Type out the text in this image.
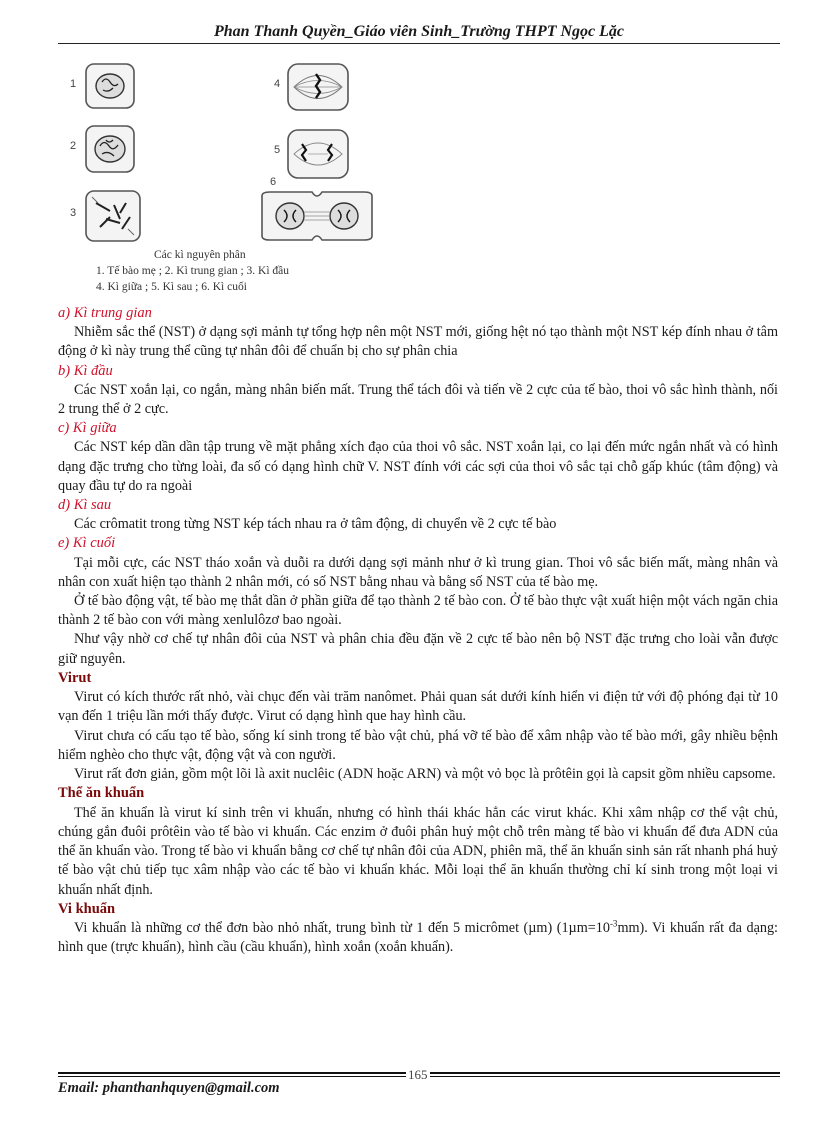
Phan Thanh Quyền_Giáo viên Sinh_Trường THPT Ngọc Lặc
1
2
3
4
5
6
Các kì nguyên phân
1. Tế bào mẹ ; 2. Kì trung gian ; 3. Kì đầu
4. Kì giữa ; 5. Kì sau ; 6. Kì cuối
a) Kì trung gian

Nhiễm sắc thể (NST) ở dạng sợi mảnh tự tổng hợp nên một NST mới, giống hệt nó tạo thành một NST kép đính nhau ở tâm động ở kì này trung thể cũng tự nhân đôi để chuẩn bị cho sự phân chia

b) Kì đầu

Các NST xoắn lại, co ngắn, màng nhân biến mất. Trung thể tách đôi và tiến về 2 cực của tế bào, thoi vô sắc hình thành, nối 2 trung thể ở 2 cực.

c) Kì giữa

Các NST kép dần dần tập trung về mặt phẳng xích đạo của thoi vô sắc. NST xoắn lại, co lại đến mức ngắn nhất và có hình dạng đặc trưng cho từng loài, đa số có dạng hình chữ V. NST đính với các sợi của thoi vô sắc tại chỗ gấp khúc (tâm động) và quay đầu tự do ra ngoài

d) Kì sau

Các crômatit trong từng NST kép tách nhau ra ở tâm động, di chuyển về 2 cực tế bào

e) Kì cuối

Tại mỗi cực, các NST tháo xoắn và duỗi ra dưới dạng sợi mảnh như ở kì trung gian. Thoi vô sắc biến mất, màng nhân và nhân con xuất hiện tạo thành 2 nhân mới, có số NST bằng nhau và bằng số NST của tế bào mẹ.

Ở tế bào động vật, tế bào mẹ thắt dần ở phần giữa để tạo thành 2 tế bào con. Ở tế bào thực vật xuất hiện một vách ngăn chia thành 2 tế bào con với màng xenlulôzơ bao ngoài.

Như vậy nhờ cơ chế tự nhân đôi của NST và phân chia đều đặn về 2 cực tế bào nên bộ NST đặc trưng cho loài vẫn được giữ nguyên.

Virut

Virut có kích thước rất nhỏ, vài chục đến vài trăm nanômet. Phải quan sát dưới kính hiển vi điện tử với độ phóng đại từ 10 vạn đến 1 triệu lần mới thấy được. Virut có dạng hình que hay hình cầu.

Virut chưa có cấu tạo tế bào, sống kí sinh trong tế bào vật chủ, phá vỡ tế bào để xâm nhập vào tế bào mới, gây nhiều bệnh hiểm nghèo cho thực vật, động vật và con người.

Virut rất đơn giản, gồm một lõi là axit nuclêic (ADN hoặc ARN) và một vỏ bọc là prôtêin gọi là capsit gồm nhiều capsome.

Thể ăn khuẩn

Thể ăn khuẩn là virut kí sinh trên vi khuẩn, nhưng có hình thái khác hẳn các virut khác. Khi xâm nhập cơ thể vật chủ, chúng gắn đuôi prôtêin vào tế bào vi khuẩn. Các enzim ở đuôi phân huỷ một chỗ trên màng tế bào vi khuẩn để đưa ADN của thể ăn khuẩn vào. Trong tế bào vi khuẩn bằng cơ chế tự nhân đôi của ADN, phiên mã, thể ăn khuẩn sinh sản rất nhanh phá huỷ tế bào vật chủ tiếp tục xâm nhập vào các tế bào vi khuẩn khác. Mỗi loại thể ăn khuẩn thường chỉ kí sinh trong một loại vi khuẩn nhất định.

Vi khuẩn

Vi khuẩn là những cơ thể đơn bào nhỏ nhất, trung bình từ 1 đến 5 micrômet (µm) $(1\mu m=10^{-3}mm)$. Vi khuẩn rất đa dạng: hình que (trực khuẩn), hình cầu (cầu khuẩn), hình xoắn (xoắn khuẩn).

165
Email: phanthanhquyen@gmail.com
